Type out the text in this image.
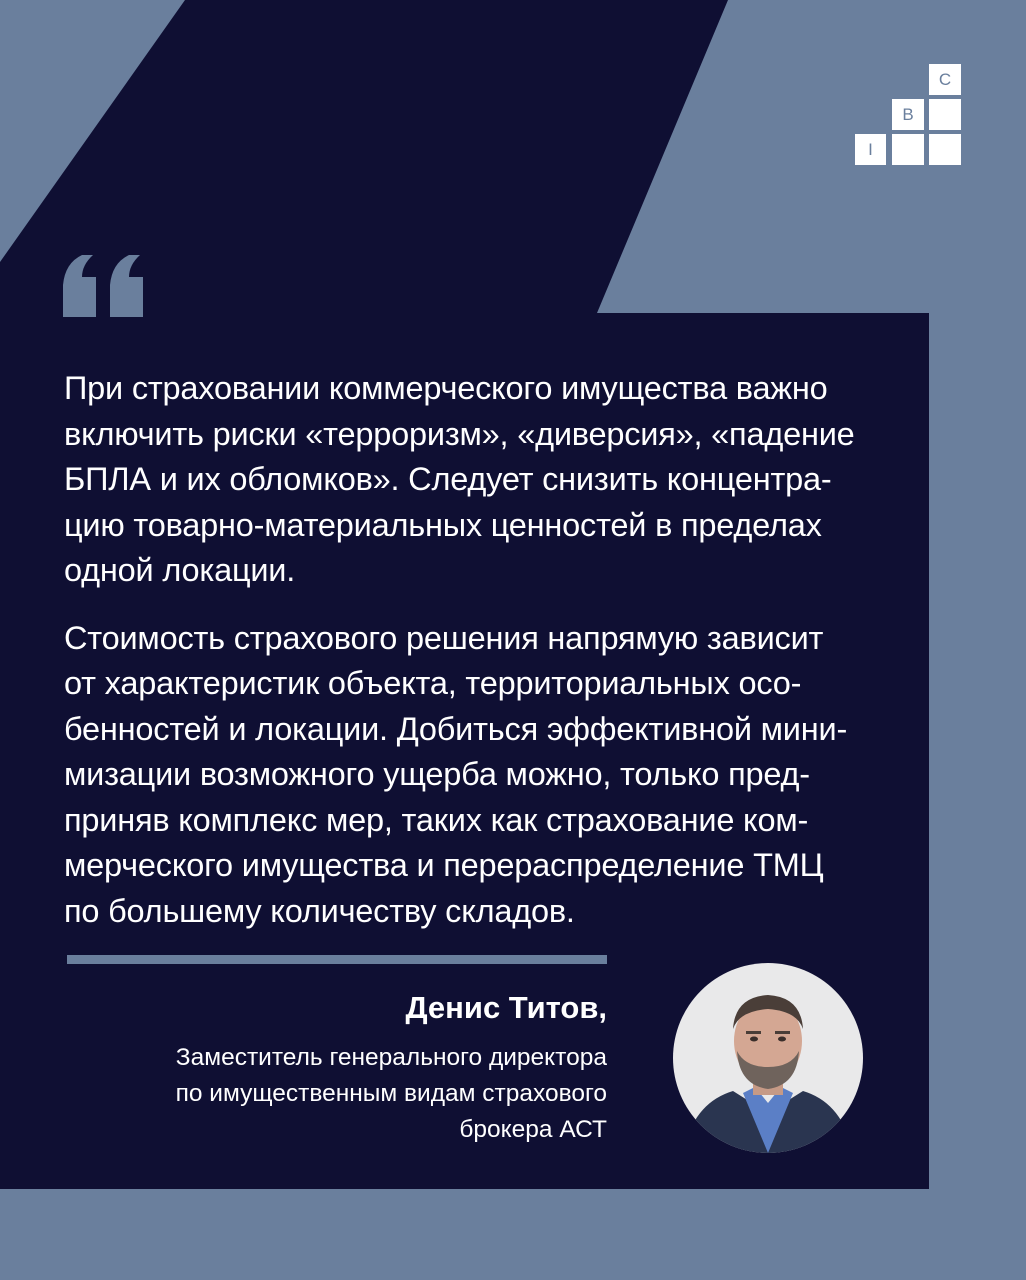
C
B
I

При страховании коммерческого имущества важно
включить риски «терроризм», «диверсия», «падение
БПЛА и их обломков». Следует снизить концентра-
цию товарно-материальных ценностей в пределах
одной локации.

Стоимость страхового решения напрямую зависит
от характеристик объекта, территориальных осо-
бенностей и локации. Добиться эффективной мини-
мизации возможного ущерба можно, только пред-
приняв комплекс мер, таких как страхование ком-
мерческого имущества и перераспределение ТМЦ
по большему количеству складов.

Денис Титов,
Заместитель генерального директора
по имущественным видам страхового
брокера АСТ
